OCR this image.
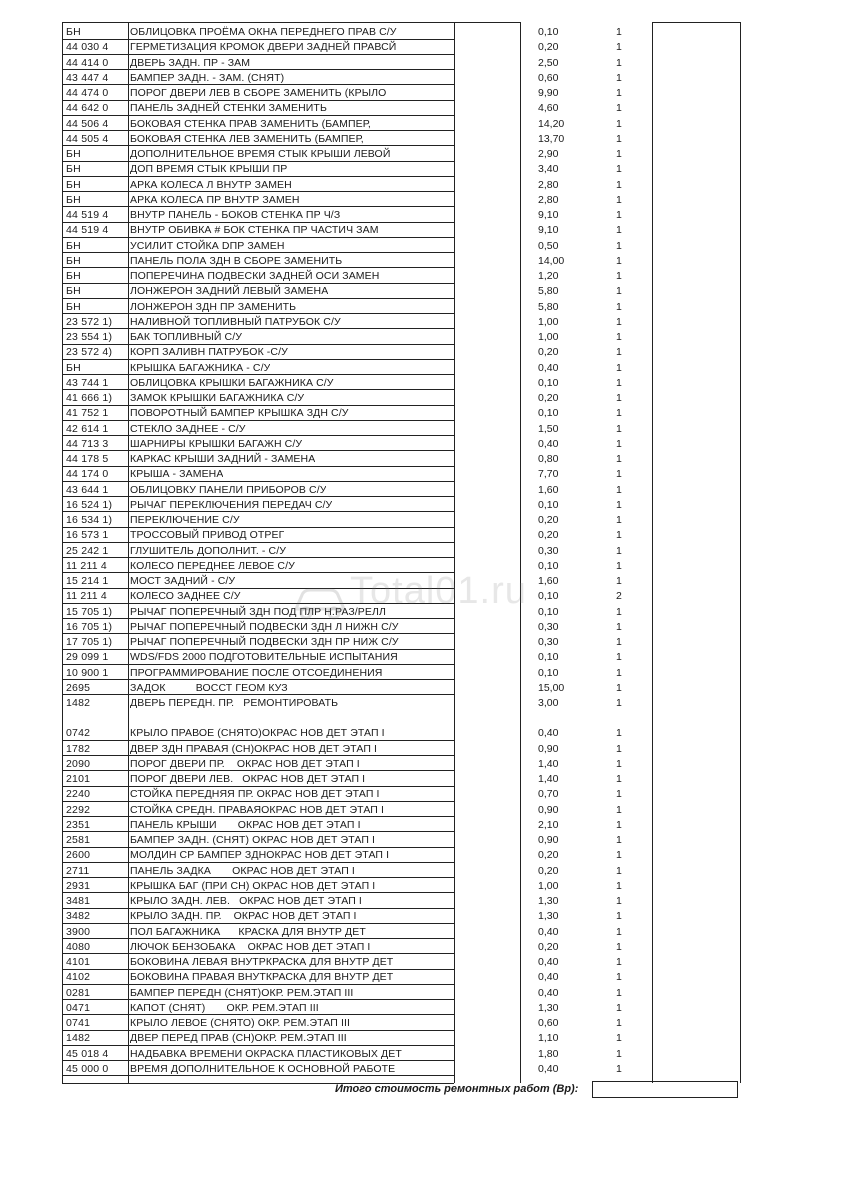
БН	ОБЛИЦОВКА ПРОЁМА ОКНА ПЕРЕДНЕГО ПРАВ С/У	0,10	1
44 030 4 ГЕРМЕТИЗАЦИЯ КРОМОК ДВЕРИ ЗАДНЕЙ ПРАВСЙ	0,20	1
44 414 0 ДВЕРЬ ЗАДН. ПР - ЗАМ	2,50	1
43 447 4 БАМПЕР ЗАДН. - ЗАМ. (СНЯТ)	0,60	1
44 474 0 ПОРОГ ДВЕРИ ЛЕВ В СБОРЕ ЗАМЕНИТЬ (КРЫЛО	9,90	1
44 642 0 ПАНЕЛЬ ЗАДНЕЙ СТЕНКИ ЗАМЕНИТЬ	4,60	1
44 506 4 БОКОВАЯ СТЕНКА ПРАВ ЗАМЕНИТЬ (БАМПЕР,	14,20	1
44 505 4 БОКОВАЯ СТЕНКА ЛЕВ ЗАМЕНИТЬ (БАМПЕР,	13,70	1
БН	ДОПОЛНИТЕЛЬНОЕ ВРЕМЯ СТЫК КРЫШИ ЛЕВОЙ	2,90	1
БН	ДОП ВРЕМЯ СТЫК КРЫШИ ПР	3,40	1
БН	АРКА КОЛЕСА Л ВНУТР ЗАМЕН	2,80	1
БН	АРКА КОЛЕСА ПР ВНУТР ЗАМЕН	2,80	1
44 519 4 ВНУТР ПАНЕЛЬ - БОКОВ СТЕНКА ПР Ч/З	9,10	1
44 519 4 ВНУТР ОБИВКА # БОК СТЕНКА ПР ЧАСТИЧ ЗАМ	9,10	1
БН	УСИЛИТ СТОЙКА DПР ЗАМЕН	0,50	1
БН	ПАНЕЛЬ ПОЛА ЗДН В СБОРЕ ЗАМЕНИТЬ	14,00	1
БН	ПОПЕРЕЧИНА ПОДВЕСКИ ЗАДНЕЙ ОСИ ЗАМЕН	1,20	1
БН	ЛОНЖЕРОН ЗАДНИЙ ЛЕВЫЙ ЗАМЕНА	5,80	1
БН	ЛОНЖЕРОН ЗДН ПР ЗАМЕНИТЬ	5,80	1
23 572 1) НАЛИВНОЙ ТОПЛИВНЫЙ ПАТРУБОК С/У	1,00	1
23 554 1) БАК ТОПЛИВНЫЙ С/У	1,00	1
23 572 4) КОРП ЗАЛИВН ПАТРУБОК -С/У	0,20	1
БН	КРЫШКА БАГАЖНИКА - С/У	0,40	1
43 744 1 ОБЛИЦОВКА КРЫШКИ БАГАЖНИКА С/У	0,10	1
41 666 1) ЗАМОК КРЫШКИ БАГАЖНИКА С/У	0,20	1
41 752 1 ПОВОРОТНЫЙ БАМПЕР КРЫШКА ЗДН С/У	0,10	1
42 614 1 СТЕКЛО ЗАДНЕЕ - С/У	1,50	1
44 713 3 ШАРНИРЫ КРЫШКИ БАГАЖН С/У	0,40	1
44 178 5 КАРКАС КРЫШИ ЗАДНИЙ - ЗАМЕНА	0,80	1
44 174 0 КРЫША - ЗАМЕНА	7,70	1
43 644 1 ОБЛИЦОВКУ ПАНЕЛИ ПРИБОРОВ С/У	1,60	1
16 524 1) РЫЧАГ ПЕРЕКЛЮЧЕНИЯ ПЕРЕДАЧ С/У	0,10	1
16 534 1) ПЕРЕКЛЮЧЕНИЕ С/У	0,20	1
16 573 1 ТРОССОВЫЙ ПРИВОД ОТРЕГ	0,20	1
25 242 1 ГЛУШИТЕЛЬ ДОПОЛНИТ. - С/У	0,30	1
11 211 4 КОЛЕСО ПЕРЕДНЕЕ ЛЕВОЕ С/У	0,10	1
15 214 1 МОСТ ЗАДНИЙ - С/У	1,60	1
11 211 4 КОЛЕСО ЗАДНЕЕ С/У	0,10	2
15 705 1) РЫЧАГ ПОПЕРЕЧНЫЙ ЗДН ПОД ПЛР Н.РАЗ/РЕЛЛ	0,10	1
16 705 1) РЫЧАГ ПОПЕРЕЧНЫЙ ПОДВЕСКИ ЗДН Л НИЖН С/У	0,30	1
17 705 1) РЫЧАГ ПОПЕРЕЧНЫЙ ПОДВЕСКИ ЗДН ПР НИЖ С/У	0,30	1
29 099 1 WDS/FDS 2000 ПОДГОТОВИТЕЛЬНЫЕ ИСПЫТАНИЯ	0,10	1
10 900 1 ПРОГРАММИРОВАНИЕ ПОСЛЕ ОТСОЕДИНЕНИЯ	0,10	1
2695	ЗАДОК          ВОССТ ГЕОМ КУЗ	15,00	1
1482	ДВЕРЬ ПЕРЕДН. ПР.   РЕМОНТИРОВАТЬ	3,00	1
0742	КРЫЛО ПРАВОЕ (СНЯТО)ОКРАС НОВ ДЕТ ЭТАП I	0,40	1
1782	ДВЕР ЗДН ПРАВАЯ (СН)ОКРАС НОВ ДЕТ ЭТАП I	0,90	1
2090	ПОРОГ ДВЕРИ ПР.    ОКРАС НОВ ДЕТ ЭТАП I	1,40	1
2101	ПОРОГ ДВЕРИ ЛЕВ.   ОКРАС НОВ ДЕТ ЭТАП I	1,40	1
2240	СТОЙКА ПЕРЕДНЯЯ ПР. ОКРАС НОВ ДЕТ ЭТАП I	0,70	1
2292	СТОЙКА СРЕДН. ПРАВАЯОКРАС НОВ ДЕТ ЭТАП I	0,90	1
2351	ПАНЕЛЬ КРЫШИ       ОКРАС НОВ ДЕТ ЭТАП I	2,10	1
2581	БАМПЕР ЗАДН. (СНЯТ) ОКРАС НОВ ДЕТ ЭТАП I	0,90	1
2600	МОЛДИН СР БАМПЕР ЗДНОКРАС НОВ ДЕТ ЭТАП I	0,20	1
2711	ПАНЕЛЬ ЗАДКА       ОКРАС НОВ ДЕТ ЭТАП I	0,20	1
2931	КРЫШКА БАГ (ПРИ СН) ОКРАС НОВ ДЕТ ЭТАП I	1,00	1
3481	КРЫЛО ЗАДН. ЛЕВ.   ОКРАС НОВ ДЕТ ЭТАП I	1,30	1
3482	КРЫЛО ЗАДН. ПР.    ОКРАС НОВ ДЕТ ЭТАП I	1,30	1
3900	ПОЛ БАГАЖНИКА      КРАСКА ДЛЯ ВНУТР ДЕТ	0,40	1
4080	ЛЮЧОК БЕНЗОБАКА    ОКРАС НОВ ДЕТ ЭТАП I	0,20	1
4101	БОКОВИНА ЛЕВАЯ ВНУТРКРАСКА ДЛЯ ВНУТР ДЕТ	0,40	1
4102	БОКОВИНА ПРАВАЯ ВНУТКРАСКА ДЛЯ ВНУТР ДЕТ	0,40	1
0281	БАМПЕР ПЕРЕДН (СНЯТ)ОКР. РЕМ.ЭТАП III	0,40	1
0471	КАПОТ (СНЯТ)       ОКР. РЕМ.ЭТАП III	1,30	1
0741	КРЫЛО ЛЕВОЕ (СНЯТО) ОКР. РЕМ.ЭТАП III	0,60	1
1482	ДВЕР ПЕРЕД ПРАВ (СН)ОКР. РЕМ.ЭТАП III	1,10	1
45 018 4 НАДБАВКА ВРЕМЕНИ ОКРАСКА ПЛАСТИКОВЫХ ДЕТ	1,80	1
45 000 0 ВРЕМЯ ДОПОЛНИТЕЛЬНОЕ К ОСНОВНОЙ РАБОТЕ	0,40	1
Итого стоимость ремонтных работ (Вр):
Total01.ru
